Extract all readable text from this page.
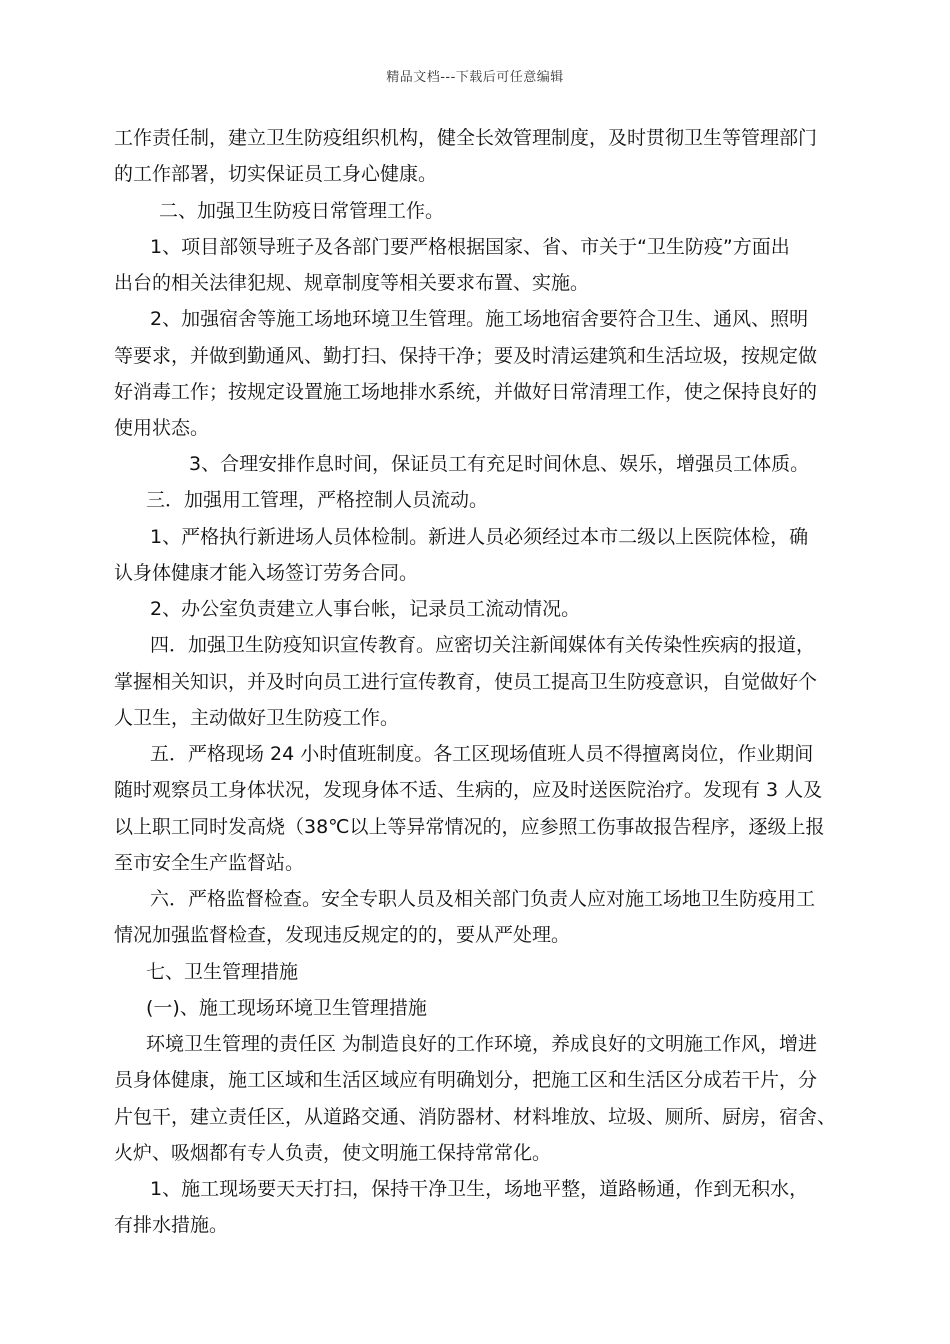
精品文档---下载后可任意编辑
工作责任制，建立卫生防疫组织机构，健全长效管理制度，及时贯彻卫生等管理部门
的工作部署，切实保证员工身心健康。
二、加强卫生防疫日常管理工作。
1、项目部领导班子及各部门要严格根据国家、省、市关于“卫生防疫”方面出
出台的相关法律犯规、规章制度等相关要求布置、实施。
2、加强宿舍等施工场地环境卫生管理。施工场地宿舍要符合卫生、通风、照明
等要求，并做到勤通风、勤打扫、保持干净；要及时清运建筑和生活垃圾，按规定做
好消毒工作；按规定设置施工场地排水系统，并做好日常清理工作，使之保持良好的
使用状态。
3、合理安排作息时间，保证员工有充足时间休息、娱乐，增强员工体质。
三．加强用工管理，严格控制人员流动。
1、严格执行新进场人员体检制。新进人员必须经过本市二级以上医院体检，确
认身体健康才能入场签订劳务合同。
2、办公室负责建立人事台帐，记录员工流动情况。
四．加强卫生防疫知识宣传教育。应密切关注新闻媒体有关传染性疾病的报道，
掌握相关知识，并及时向员工进行宣传教育，使员工提高卫生防疫意识，自觉做好个
人卫生，主动做好卫生防疫工作。
五．严格现场 24 小时值班制度。各工区现场值班人员不得擅离岗位，作业期间
随时观察员工身体状况，发现身体不适、生病的，应及时送医院治疗。发现有 3 人及
以上职工同时发高烧（38℃以上等异常情况的，应参照工伤事故报告程序，逐级上报
至市安全生产监督站。
六．严格监督检查。安全专职人员及相关部门负责人应对施工场地卫生防疫用工
情况加强监督检查，发现违反规定的的，要从严处理。
七、卫生管理措施
(一)、施工现场环境卫生管理措施
环境卫生管理的责任区 为制造良好的工作环境，养成良好的文明施工作风，增进
员身体健康，施工区域和生活区域应有明确划分，把施工区和生活区分成若干片，分
片包干，建立责任区，从道路交通、消防器材、材料堆放、垃圾、厕所、厨房，宿舍、
火炉、吸烟都有专人负责，使文明施工保持常常化。
1、施工现场要天天打扫，保持干净卫生，场地平整，道路畅通，作到无积水，
有排水措施。
